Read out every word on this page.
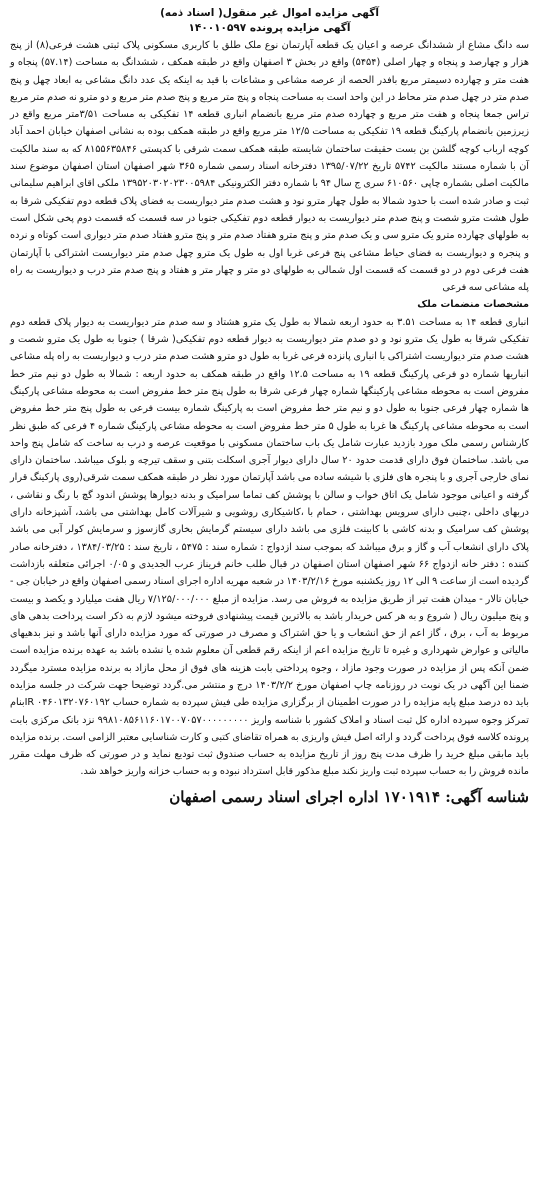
آگهی مزایده اموال غیر منقول( اسناد ذمه)

آگهی مزایده پرونده ۱۴۰۰۱۰۵۹۷

سه دانگ مشاع از ششدانگ عرصه و اعیان یک قطعه آپارتمان نوع ملک طلق با کاربری مسکونی پلاک ثبتی هشت فرعی(۸) از پنج هزار و چهارصد و پنجاه و چهار اصلی (۵۴۵۴) واقع در بخش ۳ اصفهان واقع در طبقه همکف ، ششدانگ به مساحت (۵۷.۱۴) پنجاه و هفت متر و چهارده دسیمتر مربع بافدر الحصه از عرصه مشاعی و مشاعات با قید به اینکه یک عدد دانگ مشاعی به ابعاد چهل و پنج صدم متر در چهل صدم متر محاط در این واحد است به مساحت پنجاه و پنج متر مربع و پنج صدم متر مربع و دو مترو نه صدم متر مربع تراس جمعا پنجاه و هفت متر مربع و چهارده صدم متر مربع بانضمام انباری قطعه ۱۴ تفکیکی به مساحت ۳/۵۱متر مربع واقع در زیرزمین بانضمام پارکینگ قطعه ۱۹ تفکیکی به مساحت ۱۲/۵ متر مربع واقع در طبقه همکف بوده به نشانی اصفهان خیابان احمد آباد کوچه ارباب کوچه گلشن بن بست حقیقت ساختمان شایسته طبقه همکف سمت شرقی با کدپستی ۸۱۵۵۶۳۵۸۴۶ که به سند مالکیت آن با شماره مستند مالکیت ۵۷۴۲ تاریخ ۱۳۹۵/۰۷/۲۲ دفترخانه اسناد رسمی شماره ۳۶۵ شهر اصفهان استان اصفهان موضوع سند مالکیت اصلی بشماره چاپی ۶۱۰۵۶۰ سری ج سال ۹۴ با شماره دفتر الکترونیکی ۱۳۹۵۲۰۳۰۲۰۲۳۰۰۵۹۸۴ ملکی اقای ابراهیم سلیمانی ثبت و صادر شده است با حدود شمالا به طول چهار مترو نود و هشت صدم متر دیواریست به فضای پلاک قطعه دوم تفکیکی شرقا به طول هشت مترو شصت و پنج صدم متر دیواریست به دیوار قطعه دوم تفکیکی جنوبا در سه قسمت که قسمت دوم پخی شکل است به طولهای چهارده مترو یک مترو سی و یک صدم متر و پنج مترو هفتاد صدم متر و پنج مترو هفتاد صدم متر دیواری است کوتاه و نرده و پنجره و دیواریست به فضای حیاط مشاعی پنج فرعی غربا اول به طول یک مترو چهل صدم متر دیواریست اشتراکی با آپارتمان هفت فرعی دوم در دو قسمت که قسمت اول شمالی به طولهای دو متر و چهار متر و هفتاد و پنج صدم متر درب و دیواریست به راه پله مشاعی سه فرعی

مشخصات منضمات ملک

انباری قطعه ۱۴ به مساحت ۳.۵۱ به حدود اربعه شمالا به طول یک مترو هشتاد و سه صدم متر دیواریست به دیوار پلاک قطعه دوم تفکیکی شرقا به طول یک مترو نود و دو صدم متر دیواریست به دیوار قطعه دوم تفکیکی( شرقا ) جنوبا به طول یک مترو شصت و هشت صدم متر دیواریست اشتراکی با انباری پانزده فرعی غربا به طول دو مترو هشت صدم متر درب و دیواریست به راه پله مشاعی انباریها شماره دو فرعی پارکینگ قطعه ۱۹ به مساحت ۱۲.۵ واقع در طبقه همکف به حدود اربعه : شمالا به طول دو نیم متر خط مفروض است به محوطه مشاعی پارکینگها شماره چهار فرعی شرقا به طول پنج متر خط مفروض است به محوطه مشاعی پارکینگ ها شماره چهار فرعی جنوبا به طول دو و نیم متر خط مفروض است به پارکینگ شماره بیست فرعی به طول پنج متر خط مفروض است به محوطه مشاعی پارکینگ ها غربا به طول ۵ متر خط مفروض است به محوطه مشاعی پارکینگ شماره ۴ فرعی که طبق نظر کارشناس رسمی ملک مورد بازدید عبارت شامل یک باب ساختمان مسکونی با موقعیت عرصه و درب به ساخت که شامل پنج واحد می باشد. ساختمان فوق دارای قدمت حدود ۲۰ سال دارای دیوار آجری اسکلت بتنی و سقف تیرچه و بلوک میباشد. ساختمان دارای نمای خارجی آجری و با پنجره های فلزی با شیشه ساده می باشد آپارتمان مورد نظر در طبقه همکف سمت شرقی(روی پارکینگ قرار گرفته و اعیانی موجود شامل یک اتاق خواب و سالن با پوشش کف تماما سرامیک و بدنه دیوارها پوشش اندود گچ با رنگ و نقاشی ، دربهای داخلی ،چنبی دارای سرویس بهداشتی ، حمام با ،کاشیکاری روشویی و شیرآلات کامل بهداشتی می باشد، آشپزخانه دارای پوشش کف سرامیک و بدنه کاشی با کابینت فلزی می باشد دارای سیستم گرمایش بخاری گازسوز و سرمایش کولر آبی می باشد پلاک دارای انشعاب آب و گاز و برق میباشد که بموجب سند ازدواج : شماره سند : ۵۴۷۵ ، تاریخ سند : ۱۳۸۴/۰۳/۲۵ ، دفترخانه صادر کننده : دفتر خانه ازدواج ۶۶ شهر اصفهان استان اصفهان در قبال طلب خانم فریناز عرب الجدیدی و ۰/۰۵ اجرائی متعلقه بازداشت گردیده است از ساعت ۹ الی ۱۲ روز یکشنبه مورخ ۱۴۰۳/۲/۱۶ در شعبه مهریه اداره اجرای اسناد رسمی اصفهان واقع در خیابان جی - خیابان تالار - میدان هفت تیر از طریق مزایده به فروش می رسد. مزایده از مبلغ ۷/۱۲۵/۰۰۰/۰۰۰ ریال هفت میلیارد و یکصد و بیست و پنج میلیون ریال ( شروع و به هر کس خریدار باشد به بالاترین قیمت پیشنهادی فروخته میشود لازم به ذکر است پرداخت بدهی های مربوط به آب ، برق ، گاز اعم از حق انشعاب و یا حق اشتراک و مصرف در صورتی که مورد مزایده دارای آنها باشد و نیز بدهیهای مالیاتی و عوارض شهرداری و غیره تا تاریخ مزایده اعم از اینکه رقم قطعی آن معلوم شده یا نشده باشد به عهده برنده مزایده است ضمن آنکه پس از مزایده در صورت وجود مازاد ، وجوه پرداختی بابت هزینه های فوق از محل مازاد به برنده مزایده مسترد میگردد ضمنا این آگهی در یک نوبت در روزنامه چاپ اصفهان مورخ ۱۴۰۳/۲/۲ درج و منتشر می.گردد توضیحا جهت شرکت در جلسه مزایده باید ده درصد مبلغ پایه مزایده را در صورت اطمینان از برگزاری مزایده طی فیش سپرده به شماره حساب ۰۴۶۰۱۳۲۰۷۶۰۱۹۲ IRبنام تمرکز وجوه سپرده اداره کل ثبت اسناد و املاک کشور با شناسه واریز ۹۹۸۱۰۸۵۶۱۱۶۰۱۷۰۰۷۰۵۷۰۰۰۰۰۰۰۰۰ نزد بانک مرکزی بابت پرونده کلاسه فوق پرداخت گردد و ارائه اصل فیش واریزی به همراه تقاضای کتبی و کارت شناسایی معتبر الزامی است. برنده مزایده باید مابقی مبلغ خرید را ظرف مدت پنج روز از تاریخ مزایده به حساب صندوق ثبت تودیع نماید و در صورتی که ظرف مهلت مقرر مانده فروش را به حساب سپرده ثبت واریز نکند مبلغ مذکور قابل استرداد نبوده و به حساب خزانه واریز خواهد شد.

شناسه آگهی: ۱۷۰۱۹۱۴ اداره اجرای اسناد رسمی اصفهان
